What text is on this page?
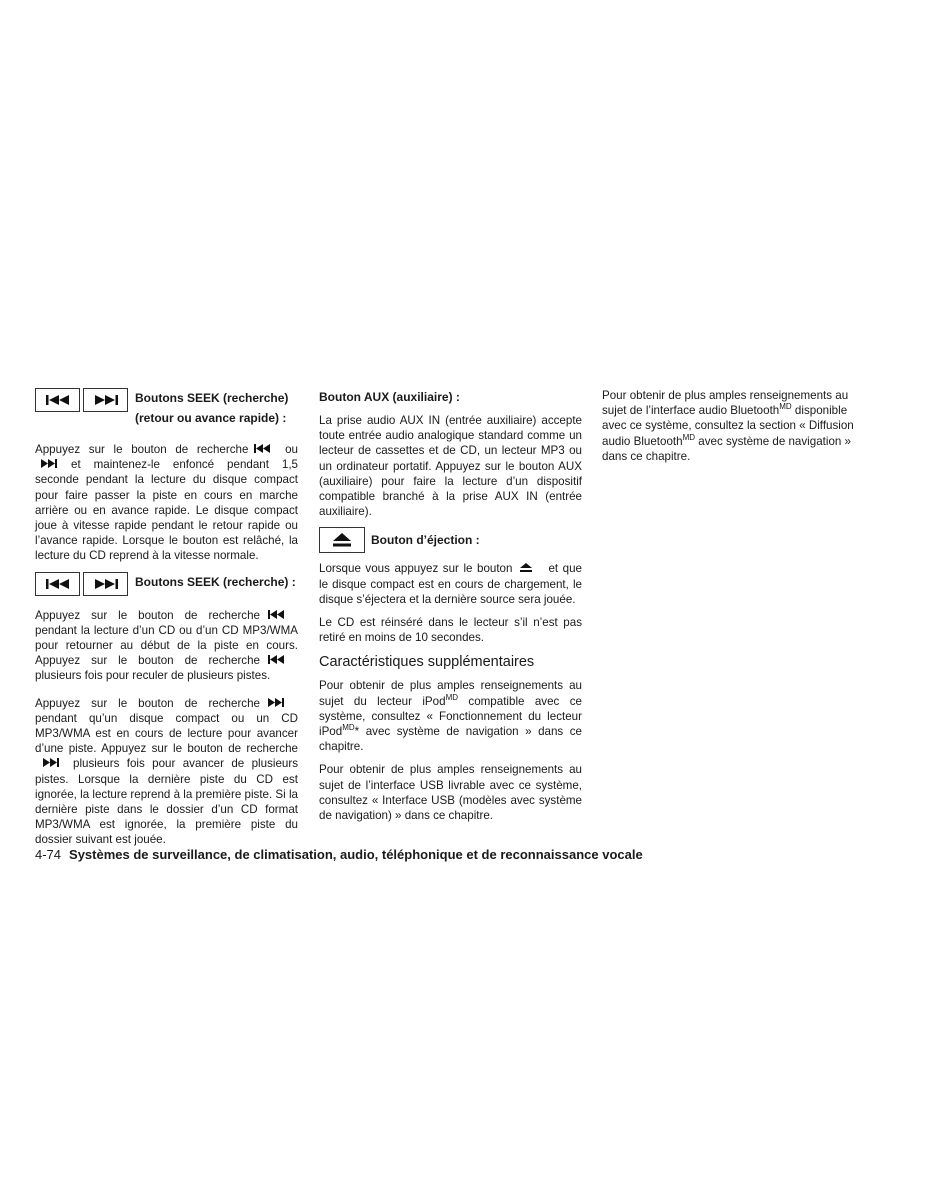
Boutons SEEK (recherche)
(retour ou avance rapide) :

Appuyez sur le bouton de recherche	ouet maintenez-le enfoncé pendant 1,5 seconde pendant la lecture du disque compact pour faire passer la piste en cours en marche arrière ou en avance rapide. Le disque compact joue à vitesse rapide pendant le retour rapide ou l’avance rapide. Lorsque le bouton est relâché, la lecture du CD reprend à la vitesse normale.

Boutons SEEK (recherche) :

Appuyez sur le bouton de recherchependant la lecture d’un CD ou d’un CD MP3/WMA pour retourner au début de la piste en cours. Appuyez sur le bouton de rechercheplusieurs fois pour reculer de plusieurs pistes.

Appuyez sur le bouton de recherchependant qu’un disque compact ou un CD MP3/WMA est en cours de lecture pour avancer d’une piste. Appuyez sur le bouton de rechercheplusieurs fois pour avancer de plusieurs pistes. Lorsque la dernière piste du CD est ignorée, la lecture reprend à la première piste. Si la dernière piste dans le dossier d’un CD format MP3/WMA est ignorée, la première piste du dossier suivant est jouée.

Bouton AUX (auxiliaire) :

La prise audio AUX IN (entrée auxiliaire) accepte toute entrée audio analogique standard comme un lecteur de cassettes et de CD, un lecteur MP3 ou un ordinateur portatif. Appuyez sur le bouton AUX (auxiliaire) pour faire la lecture d’un dispositif compatible branché à la prise AUX IN (entrée auxiliaire).

Bouton d’éjection :

Lorsque vous appuyez sur le bouton	et que le disque compact est en cours de chargement, le disque s’éjectera et la dernière source sera jouée.

Le CD est réinséré dans le lecteur s’il n’est pas retiré en moins de 10 secondes.

Caractéristiques supplémentaires

Pour obtenir de plus amples renseignements au sujet du lecteur iPod$^{MD}$ compatible avec ce système, consultez « Fonctionnement du lecteur iPod$^{MD}$* avec système de navigation » dans ce chapitre.

Pour obtenir de plus amples renseignements au sujet de l’interface USB livrable avec ce système, consultez « Interface USB (modèles avec système de navigation) » dans ce chapitre.

Pour obtenir de plus amples renseignements au sujet de l’interface audio Bluetooth$^{MD}$ disponible avec ce système, consultez la section « Diffusion audio Bluetooth$^{MD}$ avec système de navigation » dans ce chapitre.

4-74 Systèmes de surveillance, de climatisation, audio, téléphonique et de reconnaissance vocale
